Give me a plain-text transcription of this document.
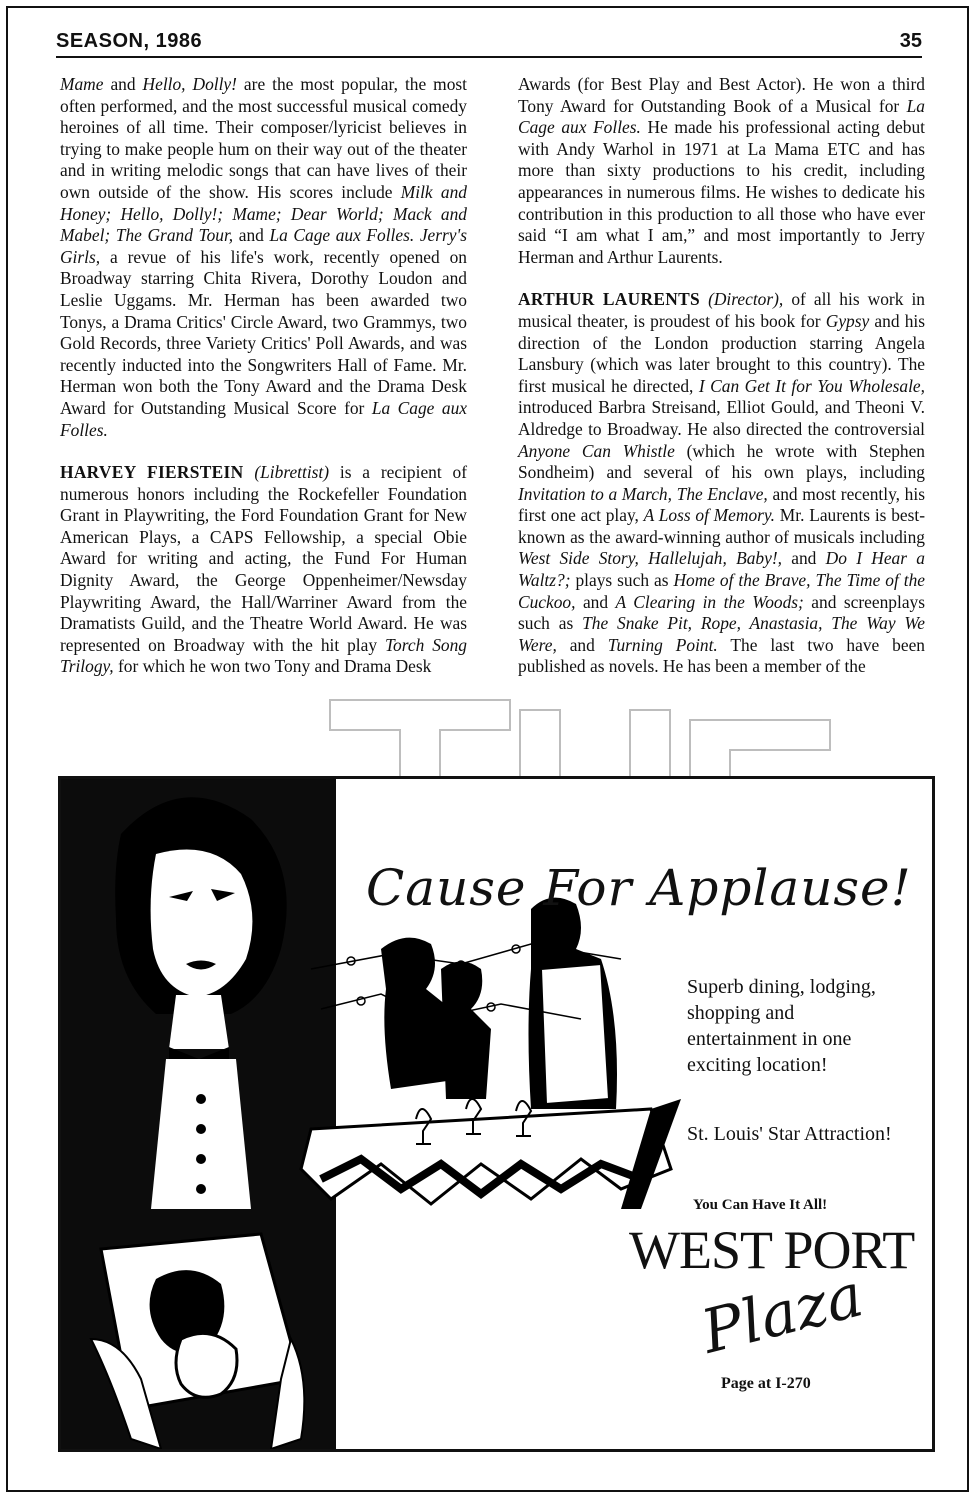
SEASON, 1986	35

Mame and Hello, Dolly! are the most popular, the most often performed, and the most successful musical comedy heroines of all time. Their composer/lyricist believes in trying to make people hum on their way out of the theater and in writing melodic songs that can have lives of their own outside of the show. His scores include Milk and Honey; Hello, Dolly!; Mame; Dear World; Mack and Mabel; The Grand Tour, and La Cage aux Folles. Jerry's Girls, a revue of his life's work, recently opened on Broadway starring Chita Rivera, Dorothy Loudon and Leslie Uggams. Mr. Herman has been awarded two Tonys, a Drama Critics' Circle Award, two Grammys, two Gold Records, three Variety Critics' Poll Awards, and was recently inducted into the Songwriters Hall of Fame. Mr. Herman won both the Tony Award and the Drama Desk Award for Outstanding Musical Score for La Cage aux Folles.

HARVEY FIERSTEIN (Librettist) is a recipient of numerous honors including the Rockefeller Foundation Grant in Playwriting, the Ford Foundation Grant for New American Plays, a CAPS Fellowship, a special Obie Award for writing and acting, the Fund For Human Dignity Award, the George Oppenheimer/Newsday Playwriting Award, the Hall/Warriner Award from the Dramatists Guild, and the Theatre World Award. He was represented on Broadway with the hit play Torch Song Trilogy, for which he won two Tony and Drama Desk

Awards (for Best Play and Best Actor). He won a third Tony Award for Outstanding Book of a Musical for La Cage aux Folles. He made his professional acting debut with Andy Warhol in 1971 at La Mama ETC and has more than sixty productions to his credit, including appearances in numerous films. He wishes to dedicate his contribution in this production to all those who have ever said “I am what I am,” and most importantly to Jerry Herman and Arthur Laurents.

ARTHUR LAURENTS (Director), of all his work in musical theater, is proudest of his book for Gypsy and his direction of the London production starring Angela Lansbury (which was later brought to this country). The first musical he directed, I Can Get It for You Wholesale, introduced Barbra Streisand, Elliot Gould, and Theoni V. Aldredge to Broadway. He also directed the controversial Anyone Can Whistle (which he wrote with Stephen Sondheim) and several of his own plays, including Invitation to a March, The Enclave, and most recently, his first one act play, A Loss of Memory. Mr. Laurents is best-known as the award-winning author of musicals including West Side Story, Hallelujah, Baby!, and Do I Hear a Waltz?; plays such as Home of the Brave, The Time of the Cuckoo, and A Clearing in the Woods; and screenplays such as The Snake Pit, Rope, Anastasia, The Way We Were, and Turning Point. The last two have been published as novels. He has been a member of the

Cause For Applause!
Superb dining, lodging, shopping and entertainment in one exciting location!
St. Louis' Star Attraction!
You Can Have It All!
WEST PORT
Plaza
Page at I-270
